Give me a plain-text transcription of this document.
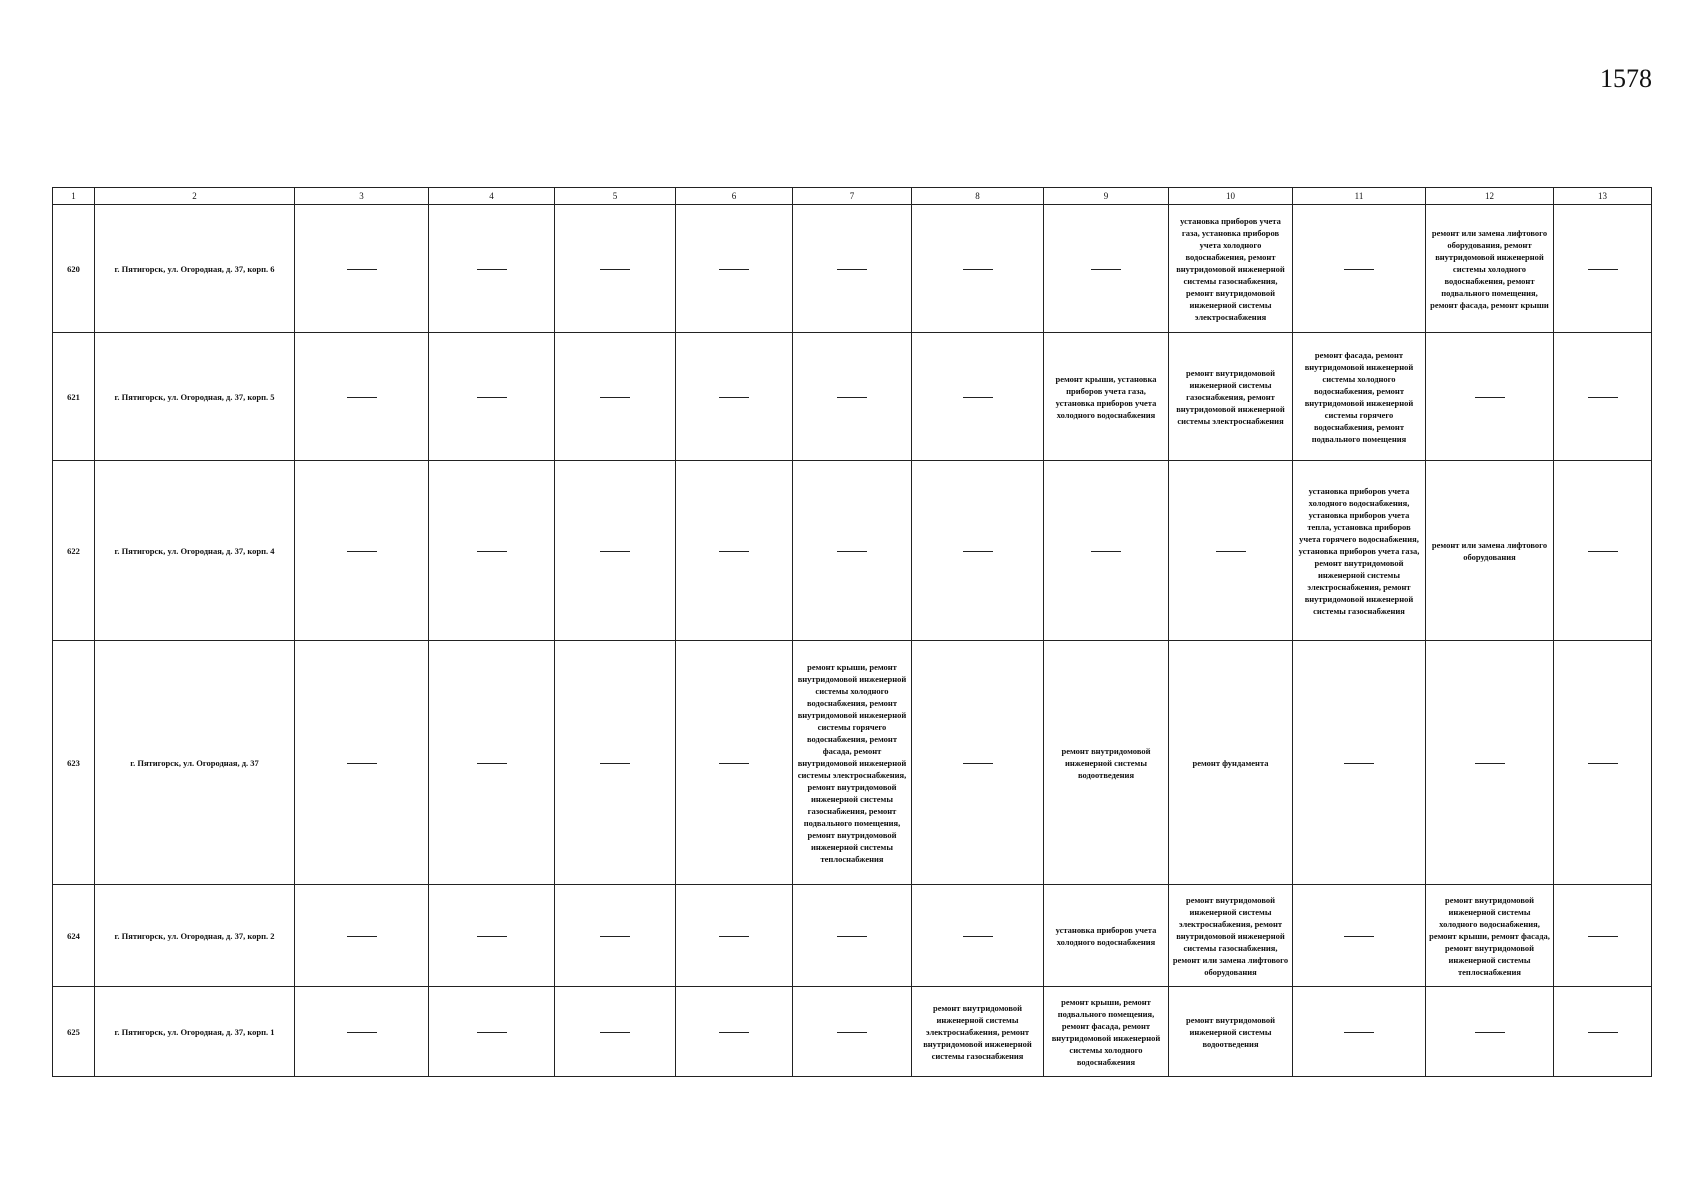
1578
1	2	3	4	5	6	7	8	9	10	11	12	13
620	г. Пятигорск, ул. Огородная, д. 37, корп. 6								установка приборов учета газа, установка приборов учета холодного водоснабжения, ремонт внутридомовой инженерной системы газоснабжения, ремонт внутридомовой инженерной системы электроснабжения		ремонт или замена лифтового оборудования, ремонт внутридомовой инженерной системы холодного водоснабжения, ремонт подвального помещения, ремонт фасада, ремонт крыши	
621	г. Пятигорск, ул. Огородная, д. 37, корп. 5							ремонт крыши, установка приборов учета газа, установка приборов учета холодного водоснабжения	ремонт внутридомовой инженерной системы газоснабжения, ремонт внутридомовой инженерной системы электроснабжения	ремонт фасада, ремонт внутридомовой инженерной системы холодного водоснабжения, ремонт внутридомовой инженерной системы горячего водоснабжения, ремонт подвального помещения		
622	г. Пятигорск, ул. Огородная, д. 37, корп. 4									установка приборов учета холодного водоснабжения, установка приборов учета тепла, установка приборов учета горячего водоснабжения, установка приборов учета газа, ремонт внутридомовой инженерной системы электроснабжения, ремонт внутридомовой инженерной системы газоснабжения	ремонт или замена лифтового оборудования	
623	г. Пятигорск, ул. Огородная, д. 37					ремонт крыши, ремонт внутридомовой инженерной системы холодного водоснабжения, ремонт внутридомовой инженерной системы горячего водоснабжения, ремонт фасада, ремонт внутридомовой инженерной системы электроснабжения, ремонт внутридомовой инженерной системы газоснабжения, ремонт подвального помещения, ремонт внутридомовой инженерной системы теплоснабжения		ремонт внутридомовой инженерной системы водоотведения	ремонт фундамента			
624	г. Пятигорск, ул. Огородная, д. 37, корп. 2							установка приборов учета холодного водоснабжения	ремонт внутридомовой инженерной системы электроснабжения, ремонт внутридомовой инженерной системы газоснабжения, ремонт или замена лифтового оборудования		ремонт внутридомовой инженерной системы холодного водоснабжения, ремонт крыши, ремонт фасада, ремонт внутридомовой инженерной системы теплоснабжения	
625	г. Пятигорск, ул. Огородная, д. 37, корп. 1						ремонт внутридомовой инженерной системы электроснабжения, ремонт внутридомовой инженерной системы газоснабжения	ремонт крыши, ремонт подвального помещения, ремонт фасада, ремонт внутридомовой инженерной системы холодного водоснабжения	ремонт внутридомовой инженерной системы водоотведения			
